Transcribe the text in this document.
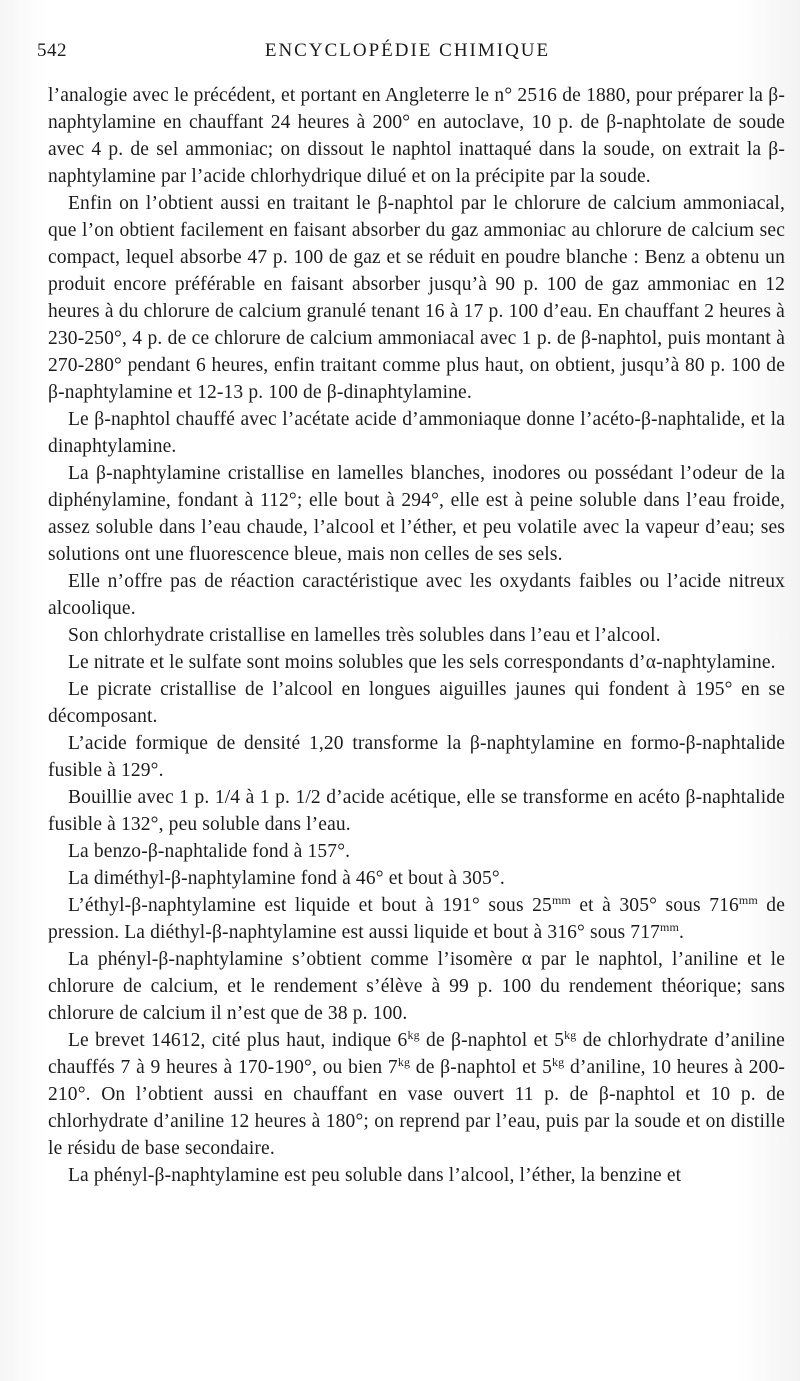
542	ENCYCLOPÉDIE CHIMIQUE

l’analogie avec le précédent, et portant en Angleterre le n° 2516 de 1880, pour préparer la β-naphtylamine en chauffant 24 heures à 200° en autoclave, 10 p. de β-naphtolate de soude avec 4 p. de sel ammoniac; on dissout le naphtol inattaqué dans la soude, on extrait la β-naphtylamine par l’acide chlorhydrique dilué et on la précipite par la soude.

Enfin on l’obtient aussi en traitant le β-naphtol par le chlorure de calcium ammoniacal, que l’on obtient facilement en faisant absorber du gaz ammoniac au chlorure de calcium sec compact, lequel absorbe 47 p. 100 de gaz et se réduit en poudre blanche : Benz a obtenu un produit encore préférable en faisant absorber jusqu’à 90 p. 100 de gaz ammoniac en 12 heures à du chlorure de calcium granulé tenant 16 à 17 p. 100 d’eau. En chauffant 2 heures à 230-250°, 4 p. de ce chlorure de calcium ammoniacal avec 1 p. de β-naphtol, puis montant à 270-280° pendant 6 heures, enfin traitant comme plus haut, on obtient, jusqu’à 80 p. 100 de β-naphtylamine et 12-13 p. 100 de β-dinaphtylamine.

Le β-naphtol chauffé avec l’acétate acide d’ammoniaque donne l’acéto-β-naphtalide, et la dinaphtylamine.

La β-naphtylamine cristallise en lamelles blanches, inodores ou possédant l’odeur de la diphénylamine, fondant à 112°; elle bout à 294°, elle est à peine soluble dans l’eau froide, assez soluble dans l’eau chaude, l’alcool et l’éther, et peu volatile avec la vapeur d’eau; ses solutions ont une fluorescence bleue, mais non celles de ses sels.

Elle n’offre pas de réaction caractéristique avec les oxydants faibles ou l’acide nitreux alcoolique.

Son chlorhydrate cristallise en lamelles très solubles dans l’eau et l’alcool.

Le nitrate et le sulfate sont moins solubles que les sels correspondants d’α-naphtylamine.

Le picrate cristallise de l’alcool en longues aiguilles jaunes qui fondent à 195° en se décomposant.

L’acide formique de densité 1,20 transforme la β-naphtylamine en formo-β-naphtalide fusible à 129°.

Bouillie avec 1 p. 1/4 à 1 p. 1/2 d’acide acétique, elle se transforme en acéto β-naphtalide fusible à 132°, peu soluble dans l’eau.

La benzo-β-naphtalide fond à 157°.

La diméthyl-β-naphtylamine fond à 46° et bout à 305°.

L’éthyl-β-naphtylamine est liquide et bout à 191° sous $25^{mm}$ et à 305° sous $716^{mm}$ de pression. La diéthyl-β-naphtylamine est aussi liquide et bout à 316° sous $717^{mm}$.

La phényl-β-naphtylamine s’obtient comme l’isomère α par le naphtol, l’aniline et le chlorure de calcium, et le rendement s’élève à 99 p. 100 du rendement théorique; sans chlorure de calcium il n’est que de 38 p. 100.

Le brevet 14612, cité plus haut, indique $6^{kg}$ de β-naphtol et $5^{kg}$ de chlorhydrate d’aniline chauffés 7 à 9 heures à 170-190°, ou bien $7^{kg}$ de β-naphtol et $5^{kg}$ d’aniline, 10 heures à 200-210°. On l’obtient aussi en chauffant en vase ouvert 11 p. de β-naphtol et 10 p. de chlorhydrate d’aniline 12 heures à 180°; on reprend par l’eau, puis par la soude et on distille le résidu de base secondaire.

La phényl-β-naphtylamine est peu soluble dans l’alcool, l’éther, la benzine et
